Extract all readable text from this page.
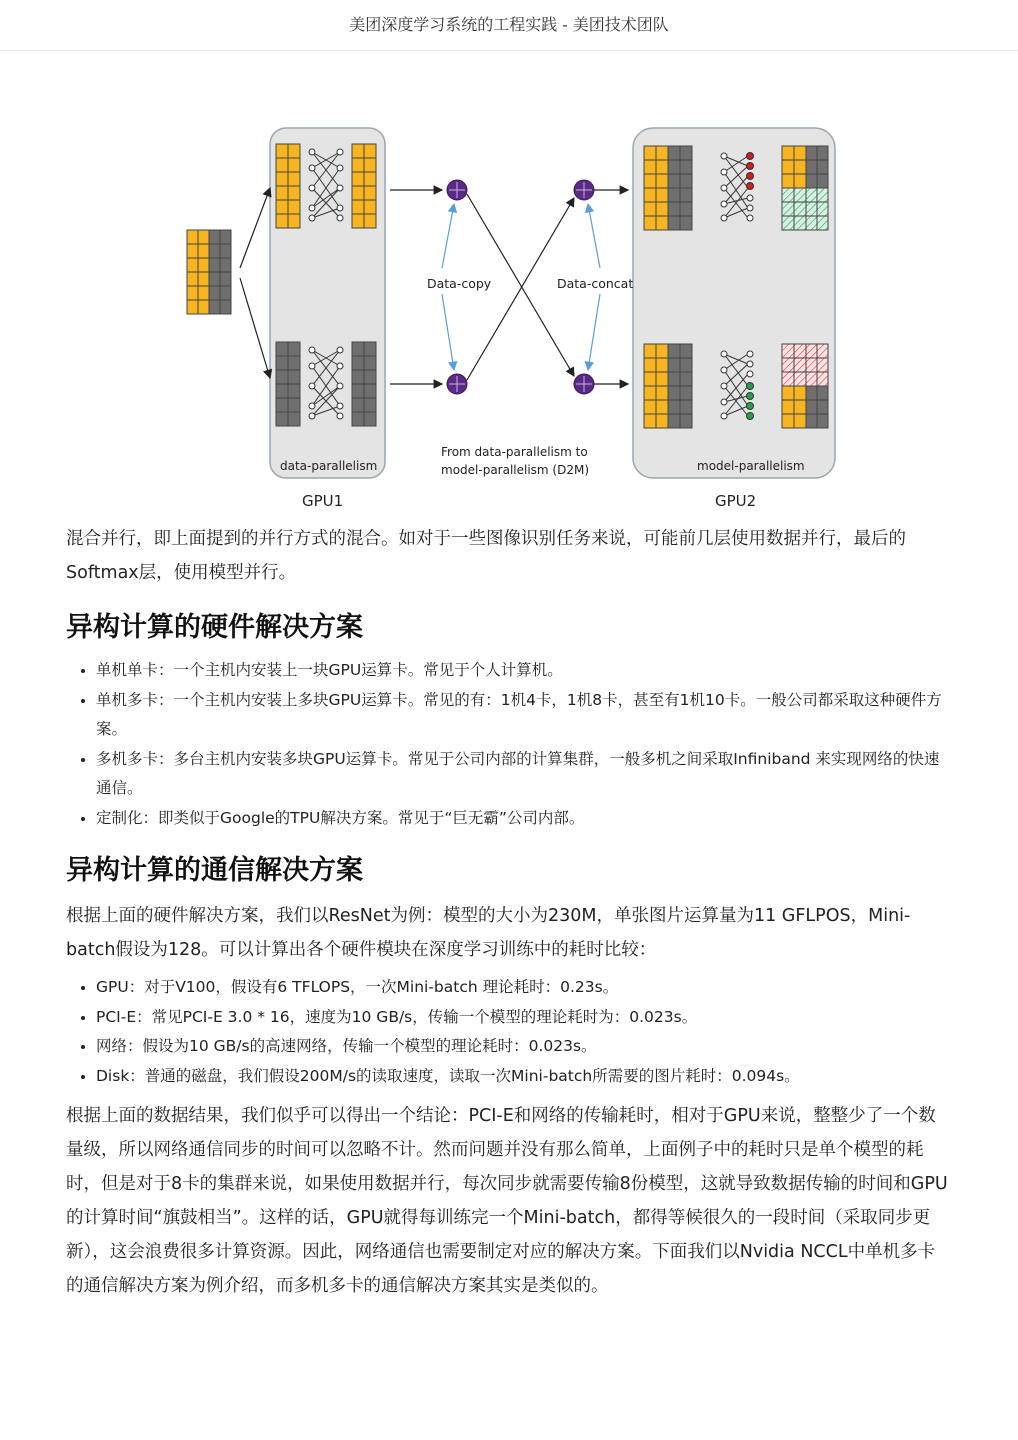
美团深度学习系统的工程实践 - 美团技术团队
Data-copy	Data-concat
data-parallelism	model-parallelism
From data-parallelism to
model-parallelism (D2M)
GPU1	GPU2

混合并行，即上面提到的并行方式的混合。如对于一些图像识别任务来说，可能前几层使用数据并行，最后的Softmax层，使用模型并行。

异构计算的硬件解决方案
• 单机单卡：一个主机内安装上一块GPU运算卡。常见于个人计算机。
• 单机多卡：一个主机内安装上多块GPU运算卡。常见的有：1机4卡，1机8卡，甚至有1机10卡。一般公司都采取这种硬件方案。
• 多机多卡：多台主机内安装多块GPU运算卡。常见于公司内部的计算集群，一般多机之间采取Infiniband 来实现网络的快速通信。
• 定制化：即类似于Google的TPU解决方案。常见于“巨无霸”公司内部。
异构计算的通信解决方案

根据上面的硬件解决方案，我们以ResNet为例：模型的大小为230M，单张图片运算量为11 GFLPOS，Mini-batch假设为128。可以计算出各个硬件模块在深度学习训练中的耗时比较：

• GPU：对于V100，假设有6 TFLOPS，一次Mini-batch 理论耗时：0.23s。
• PCI-E：常见PCI-E 3.0 * 16，速度为10 GB/s，传输一个模型的理论耗时为：0.023s。
• 网络：假设为10 GB/s的高速网络，传输一个模型的理论耗时：0.023s。
• Disk：普通的磁盘，我们假设200M/s的读取速度，读取一次Mini-batch所需要的图片耗时：0.094s。

根据上面的数据结果，我们似乎可以得出一个结论：PCI-E和网络的传输耗时，相对于GPU来说，整整少了一个数量级，所以网络通信同步的时间可以忽略不计。然而问题并没有那么简单，上面例子中的耗时只是单个模型的耗时，但是对于8卡的集群来说，如果使用数据并行，每次同步就需要传输8份模型，这就导致数据传输的时间和GPU的计算时间“旗鼓相当”。这样的话，GPU就得每训练完一个Mini-batch，都得等候很久的一段时间（采取同步更新），这会浪费很多计算资源。因此，网络通信也需要制定对应的解决方案。下面我们以Nvidia NCCL中单机多卡的通信解决方案为例介绍，而多机多卡的通信解决方案其实是类似的。
